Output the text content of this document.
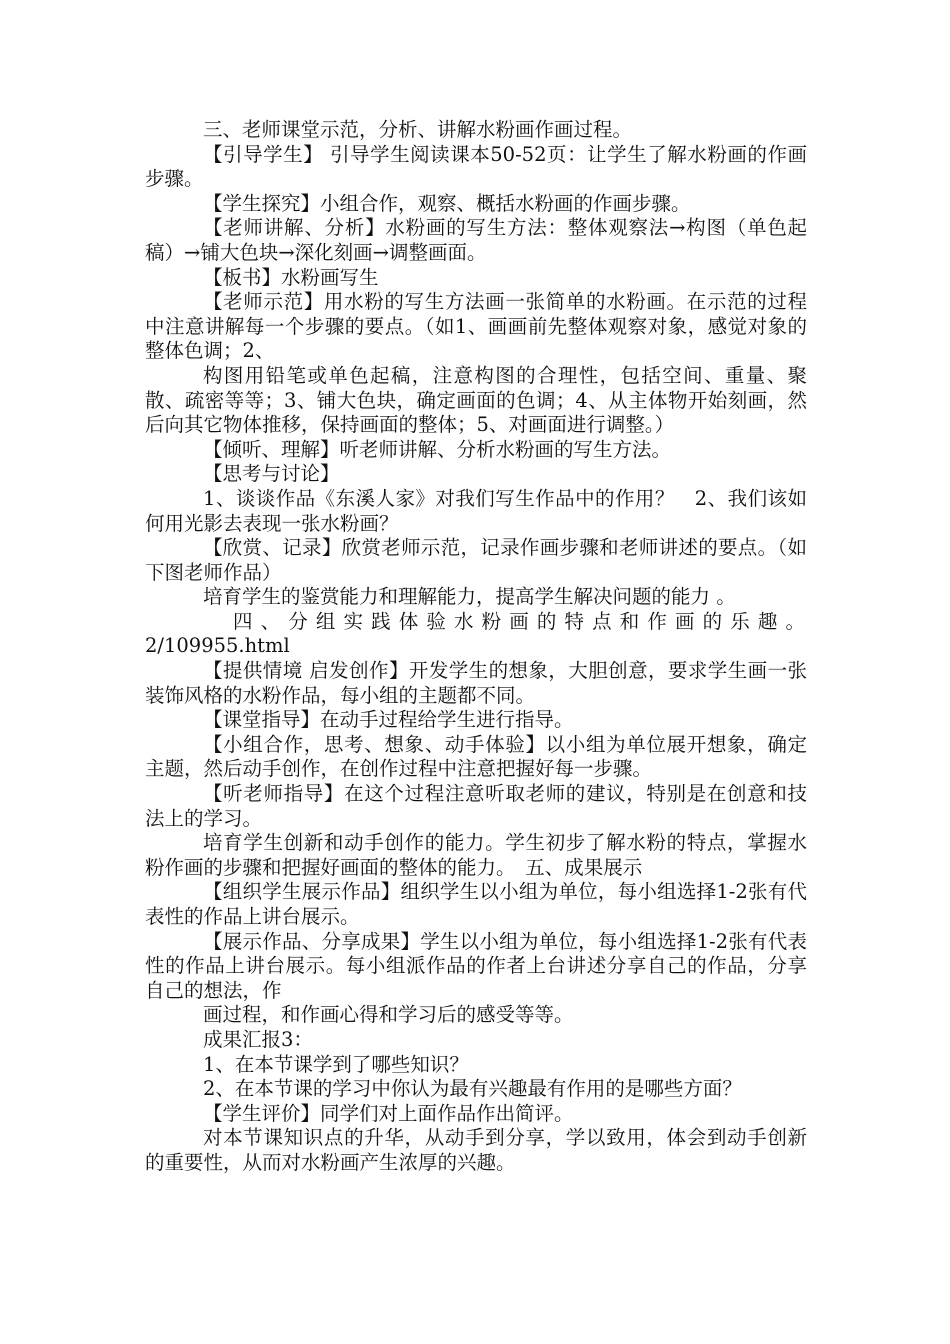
三、老师课堂示范，分析、讲解水粉画作画过程。

【引导学生】 引导学生阅读课本50-52页：让学生了解水粉画的作画步骤。

【学生探究】小组合作，观察、概括水粉画的作画步骤。

【老师讲解、分析】水粉画的写生方法：整体观察法→构图（单色起稿）→铺大色块→深化刻画→调整画面。

【板书】水粉画写生

【老师示范】用水粉的写生方法画一张简单的水粉画。在示范的过程中注意讲解每一个步骤的要点。（如1、画画前先整体观察对象，感觉对象的整体色调；2、

构图用铅笔或单色起稿，注意构图的合理性，包括空间、重量、聚散、疏密等等；3、铺大色块，确定画面的色调；4、从主体物开始刻画，然后向其它物体推移，保持画面的整体；5、对画面进行调整。）

【倾听、理解】听老师讲解、分析水粉画的写生方法。

【思考与讨论】

1、谈谈作品《东溪人家》对我们写生作品中的作用？　2、我们该如何用光影去表现一张水粉画？

【欣赏、记录】欣赏老师示范，记录作画步骤和老师讲述的要点。（如下图老师作品）

培育学生的鉴赏能力和理解能力，提高学生解决问题的能力 。

四、分组实践体验水粉画的特点和作画的乐趣。

2/109955.html

【提供情境 启发创作】开发学生的想象，大胆创意，要求学生画一张装饰风格的水粉作品，每小组的主题都不同。

【课堂指导】在动手过程给学生进行指导。

【小组合作，思考、想象、动手体验】以小组为单位展开想象，确定主题，然后动手创作，在创作过程中注意把握好每一步骤。

【听老师指导】在这个过程注意听取老师的建议，特别是在创意和技法上的学习。

培育学生创新和动手创作的能力。学生初步了解水粉的特点，掌握水粉作画的步骤和把握好画面的整体的能力。　五、成果展示

【组织学生展示作品】组织学生以小组为单位，每小组选择1-2张有代表性的作品上讲台展示。

【展示作品、分享成果】学生以小组为单位，每小组选择1-2张有代表性的作品上讲台展示。每小组派作品的作者上台讲述分享自己的作品，分享自己的想法，作

画过程，和作画心得和学习后的感受等等。

成果汇报3：

1、在本节课学到了哪些知识？

2、在本节课的学习中你认为最有兴趣最有作用的是哪些方面？

【学生评价】同学们对上面作品作出简评。

对本节课知识点的升华，从动手到分享，学以致用，体会到动手创新的重要性，从而对水粉画产生浓厚的兴趣。
